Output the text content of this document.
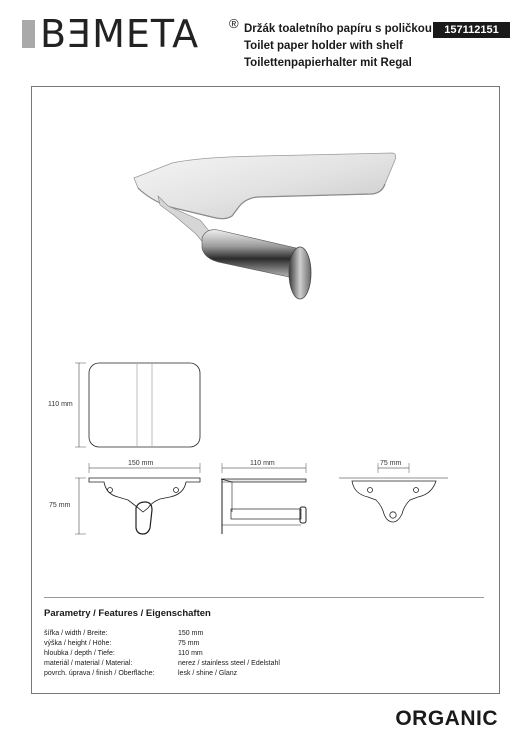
BƎMETA ® Držák toaletního papíru s poličkou
Toilet paper holder with shelf
Toilettenpapierhalter mit Regal
157112151
110 mm
150 mm	110 mm	75 mm
75 mm
Parametry / Features / Eigenschaften
šířka / width / Breite:	150 mm
výška / height / Höhe:	75 mm
hloubka / depth / Tiefe:	110 mm
materiál / material / Material:	nerez / stainless steel / Edelstahl
povrch. úprava / finish / Oberfläche:	lesk / shine / Glanz
ORGANIC
